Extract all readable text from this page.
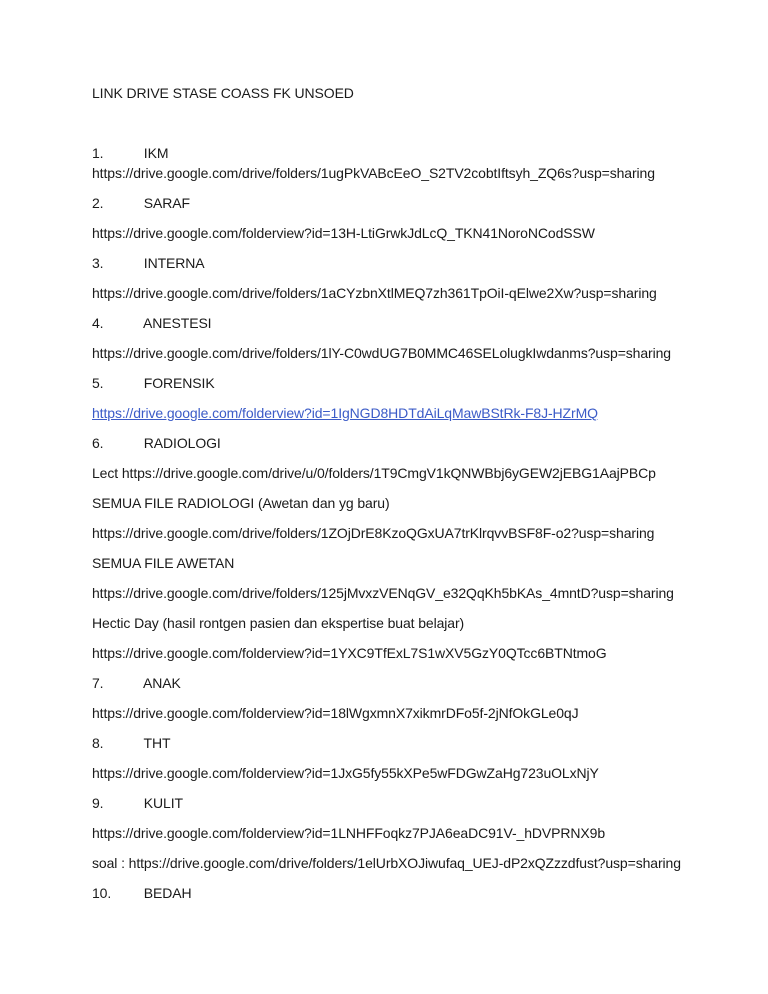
LINK DRIVE STASE COASS FK UNSOED
1.	IKM
https://drive.google.com/drive/folders/1ugPkVABcEeO_S2TV2cobtIftsyh_ZQ6s?usp=sharing
2.	SARAF
https://drive.google.com/folderview?id=13H-LtiGrwkJdLcQ_TKN41NoroNCodSSW
3.	INTERNA
https://drive.google.com/drive/folders/1aCYzbnXtlMEQ7zh361TpOiI-qElwe2Xw?usp=sharing
4.	ANESTESI
https://drive.google.com/drive/folders/1lY-C0wdUG7B0MMC46SELolugkIwdanms?usp=sharing
5.	FORENSIK
https://drive.google.com/folderview?id=1IgNGD8HDTdAiLqMawBStRk-F8J-HZrMQ
6.	RADIOLOGI
Lect https://drive.google.com/drive/u/0/folders/1T9CmgV1kQNWBbj6yGEW2jEBG1AajPBCp
SEMUA FILE RADIOLOGI (Awetan dan yg baru)
https://drive.google.com/drive/folders/1ZOjDrE8KzoQGxUA7trKlrqvvBSF8F-o2?usp=sharing
SEMUA FILE AWETAN
https://drive.google.com/drive/folders/125jMvxzVENqGV_e32QqKh5bKAs_4mntD?usp=sharing
Hectic Day (hasil rontgen pasien dan ekspertise buat belajar)
https://drive.google.com/folderview?id=1YXC9TfExL7S1wXV5GzY0QTcc6BTNtmoG
7.	ANAK
https://drive.google.com/folderview?id=18lWgxmnX7xikmrDFo5f-2jNfOkGLe0qJ
8.	THT
https://drive.google.com/folderview?id=1JxG5fy55kXPe5wFDGwZaHg723uOLxNjY
9.	KULIT
https://drive.google.com/folderview?id=1LNHFFoqkz7PJA6eaDC91V-_hDVPRNX9b
soal : https://drive.google.com/drive/folders/1elUrbXOJiwufaq_UEJ-dP2xQZzzdfust?usp=sharing
10. BEDAH
